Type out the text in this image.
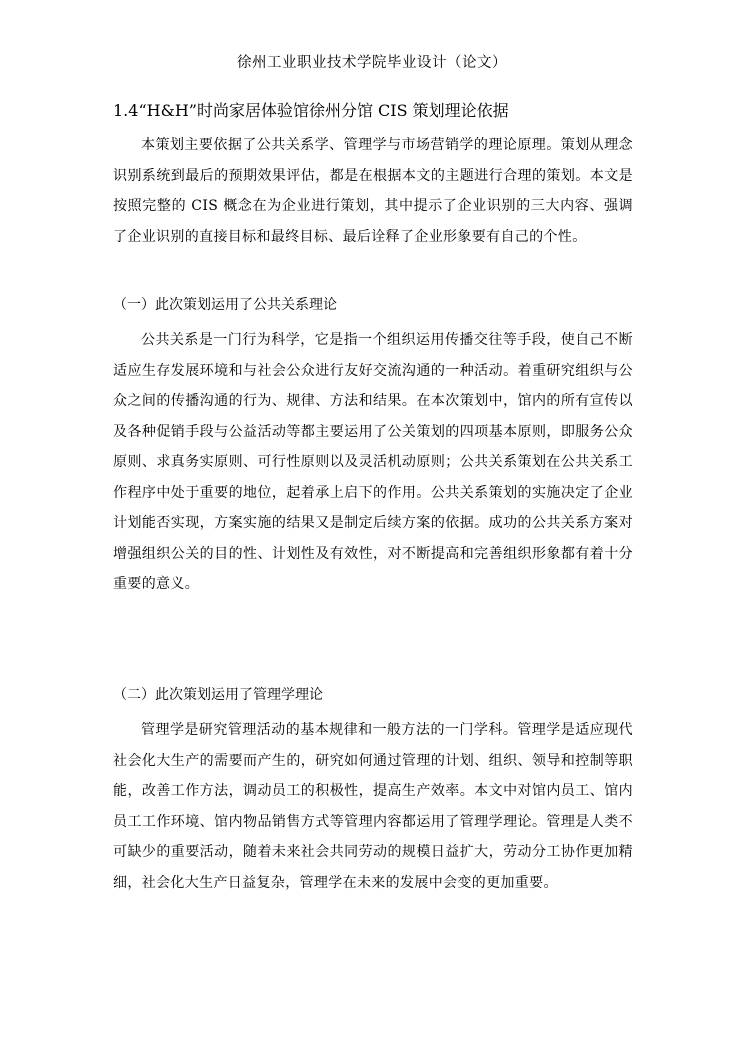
徐州工业职业技术学院毕业设计（论文）
1.4“H&H”时尚家居体验馆徐州分馆 CIS 策划理论依据

本策划主要依据了公共关系学、管理学与市场营销学的理论原理。策划从理念识别系统到最后的预期效果评估，都是在根据本文的主题进行合理的策划。本文是按照完整的 CIS 概念在为企业进行策划，其中提示了企业识别的三大内容、强调了企业识别的直接目标和最终目标、最后诠释了企业形象要有自己的个性。

（一）此次策划运用了公共关系理论

公共关系是一门行为科学，它是指一个组织运用传播交往等手段，使自己不断适应生存发展环境和与社会公众进行友好交流沟通的一种活动。着重研究组织与公众之间的传播沟通的行为、规律、方法和结果。在本次策划中，馆内的所有宣传以及各种促销手段与公益活动等都主要运用了公关策划的四项基本原则，即服务公众原则、求真务实原则、可行性原则以及灵活机动原则；公共关系策划在公共关系工作程序中处于重要的地位，起着承上启下的作用。公共关系策划的实施决定了企业计划能否实现，方案实施的结果又是制定后续方案的依据。成功的公共关系方案对增强组织公关的目的性、计划性及有效性，对不断提高和完善组织形象都有着十分重要的意义。

（二）此次策划运用了管理学理论

管理学是研究管理活动的基本规律和一般方法的一门学科。管理学是适应现代社会化大生产的需要而产生的，研究如何通过管理的计划、组织、领导和控制等职能，改善工作方法，调动员工的积极性，提高生产效率。本文中对馆内员工、馆内员工工作环境、馆内物品销售方式等管理内容都运用了管理学理论。管理是人类不可缺少的重要活动，随着未来社会共同劳动的规模日益扩大，劳动分工协作更加精细，社会化大生产日益复杂，管理学在未来的发展中会变的更加重要。
